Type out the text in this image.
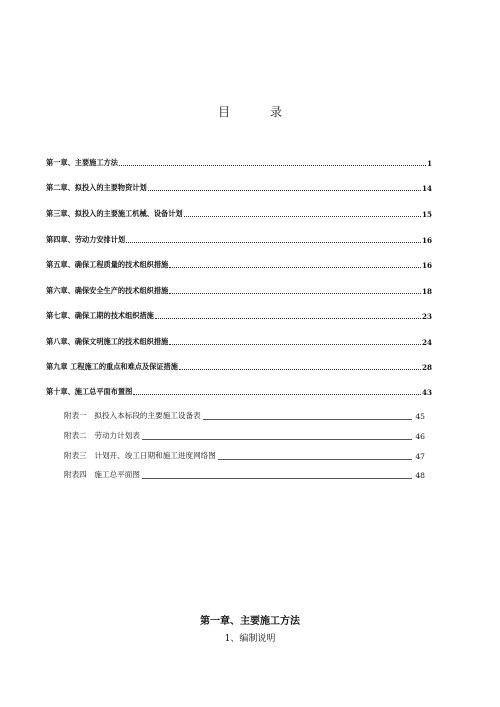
目　录
第一章、主要施工方法	1
第二章、拟投入的主要物资计划	14
第三章、拟投入的主要施工机械、设备计划	15
第四章、劳动力安排计划	16
第五章、确保工程质量的技术组织措施	16
第六章、确保安全生产的技术组织措施	18
第七章、确保工期的技术组织措施	23
第八章、确保文明施工的技术组织措施	24
第九章 工程施工的重点和难点及保证措施	28
第十章、施工总平面布置图	43
附表一　拟投入本标段的主要施工设备表	45
附表二　劳动力计划表	46
附表三　计划开、竣工日期和施工进度网络图	47
附表四　施工总平面图	48
第一章、主要施工方法
1、编制说明
